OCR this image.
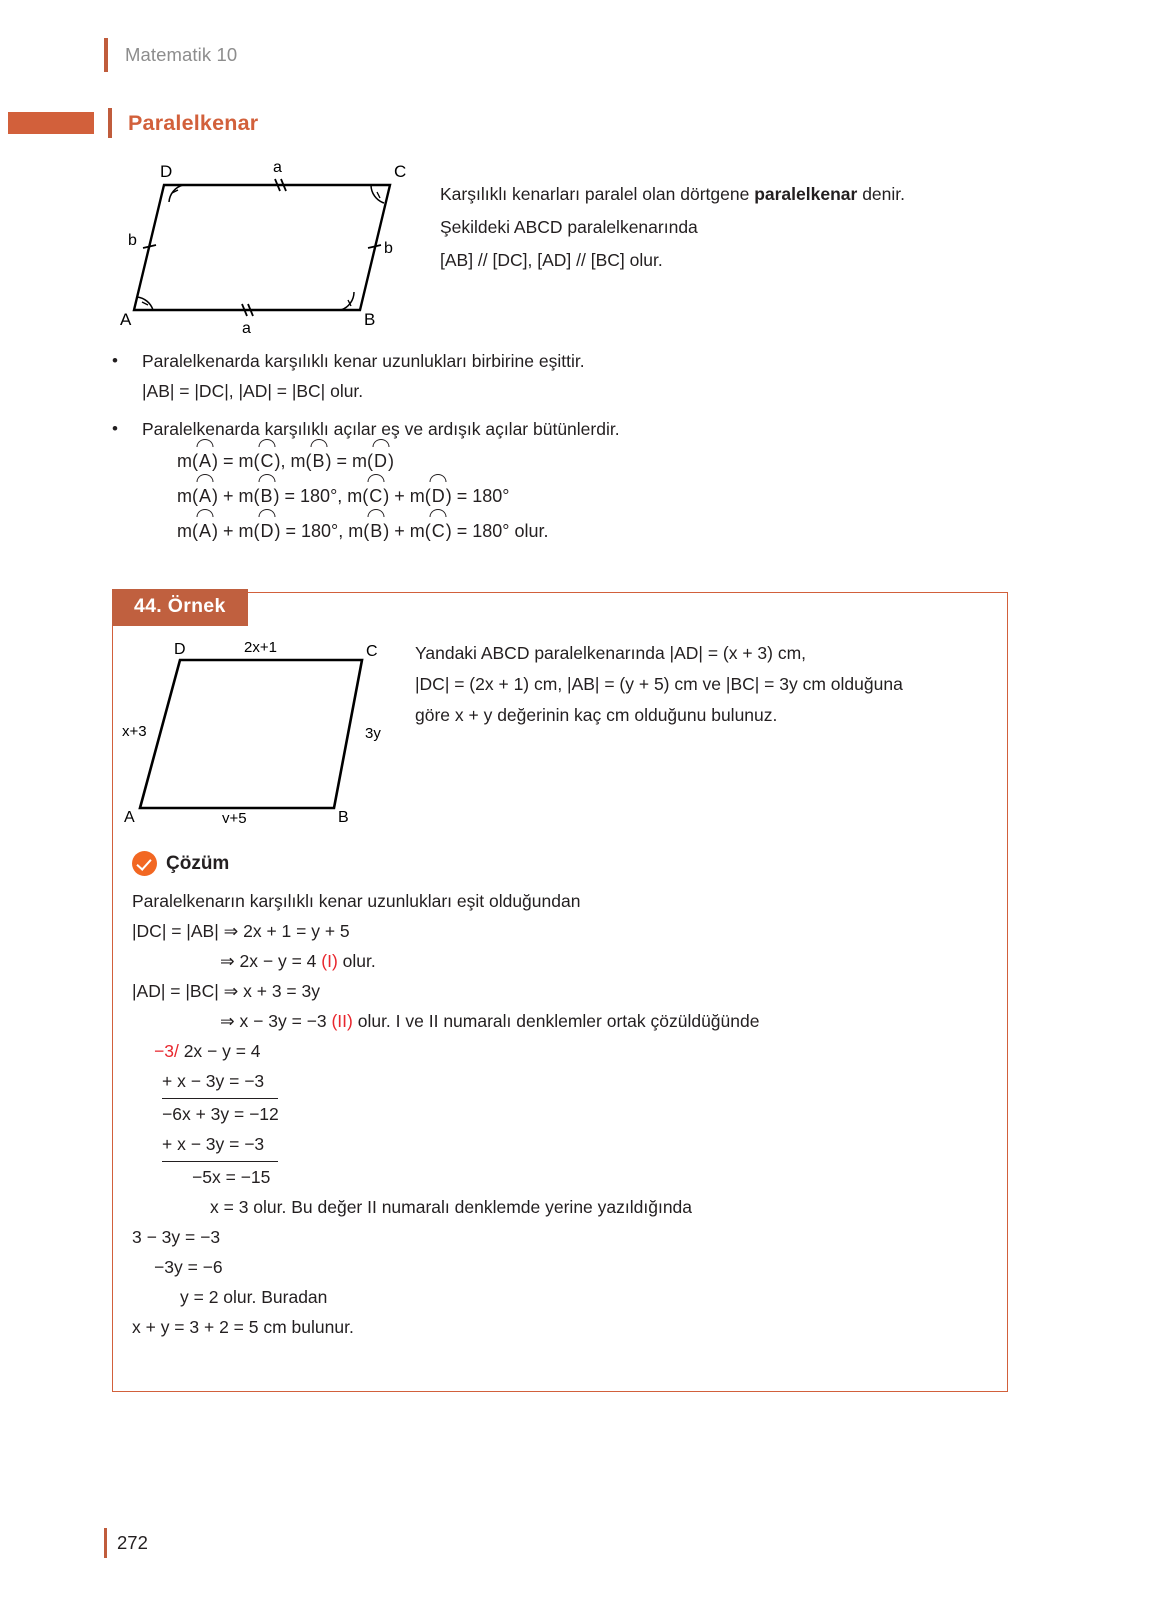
Matematik 10
Paralelkenar
A	B
C
D	a
a
b	b
Karşılıklı kenarları paralel olan dörtgene paralelkenar denir.
Şekildeki ABCD paralelkenarında
[AB] // [DC], [AD] // [BC] olur.
•	Paralelkenarda karşılıklı kenar uzunlukları birbirine eşittir.
|AB| = |DC|, |AD| = |BC| olur.
•	Paralelkenarda karşılıklı açılar eş ve ardışık açılar bütünlerdir.
m(
A) = m(
C), m(
B) = m(
D)
m(
A) + m(
B) = 180°, m(
C) + m(
D) = 180°
m(
A) + m(
D) = 180°, m(
B) + m(
C) = 180° olur.
44. Örnek
D	C
A	B
2x+1
x+3	3y
y+5
Yandaki ABCD paralelkenarında |AD| = (x + 3) cm,
|DC| = (2x + 1) cm, |AB| = (y + 5) cm ve |BC| = 3y cm olduğuna
göre x + y değerinin kaç cm olduğunu bulunuz.
Çözüm
Paralelkenarın karşılıklı kenar uzunlukları eşit olduğundan
|DC| = |AB| ⇒ 2x + 1 = y + 5
⇒ 2x − y = 4 (I) olur.
|AD| = |BC| ⇒ x + 3 = 3y
⇒ x − 3y = −3 (II) olur. I ve II numaralı denklemler ortak çözüldüğünde
−3/ 2x − y = 4
+ x − 3y = −3
−6x + 3y = −12
+ x − 3y = −3
−5x = −15
x = 3 olur. Bu değer II numaralı denklemde yerine yazıldığında
3 − 3y = −3
−3y = −6
y = 2 olur. Buradan
x + y = 3 + 2 = 5 cm bulunur.
272
